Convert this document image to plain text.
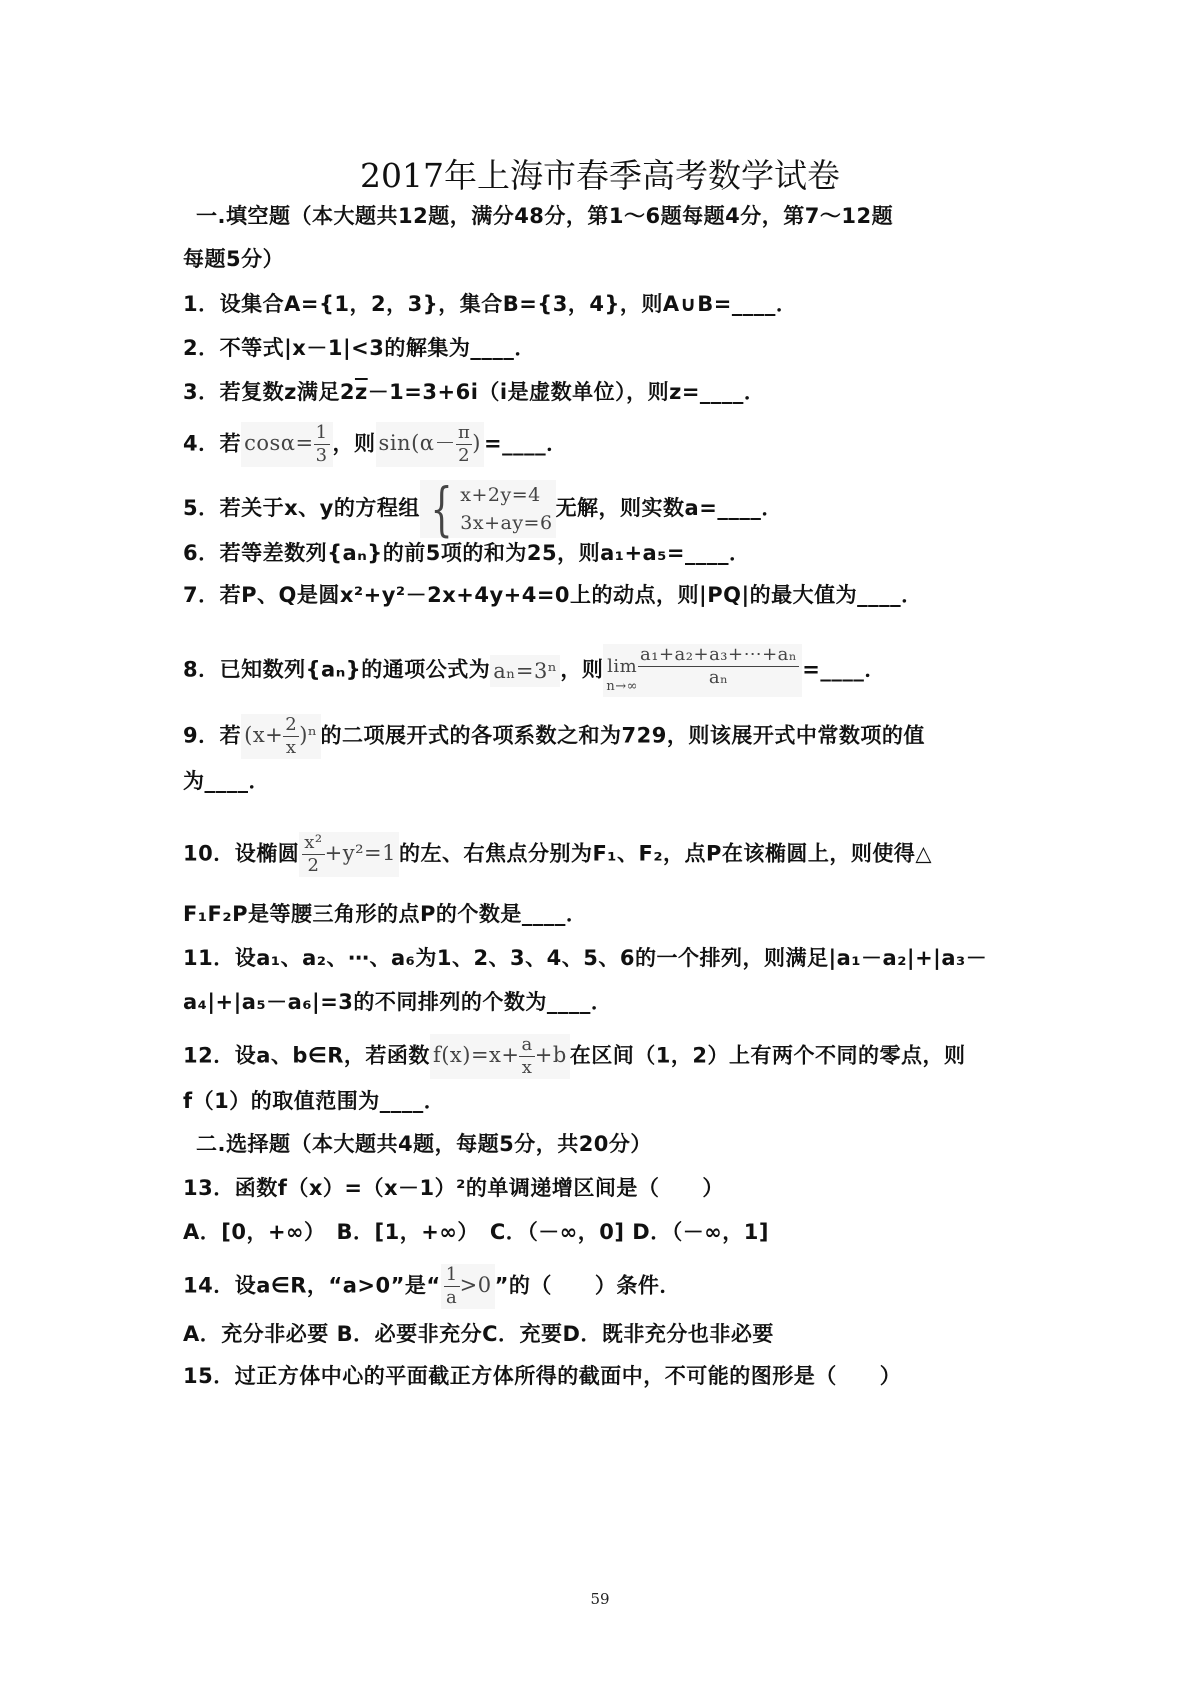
2017年上海市春季高考数学试卷
一.填空题（本大题共12题，满分48分，第1～6题每题4分，第7～12题
每题5分）
1．设集合A={1，2，3}，集合B={3，4}，则A∪B=____．
2．不等式|x－1|<3的解集为____．
3．若复数z满足$2\overline{z}-1=3+6i(i$是虚数单位），则z=____．
4．若 $\cos\alpha= \frac{1}{3}$ ，则 $\sin(\alpha- \frac{\pi}{2}$ ) =____．
5．若关于x、y的方程组 { x+2y=4
3x+ay=6
无解，则实数a=____．
6．若等差数列{aₙ}的前5项的和为25，则a₁+a₅=____．
7．若P、Q是圆x²+y²－2x+4y+4=0上的动点，则|PQ|的最大值为____．
8．已知数列{aₙ}的通项公式为 aₙ=3ⁿ ，则 lim
$n\to\infty \frac{\text{a₁+a₂+a₃+⋯+aₙ}}{\text{aₙ}}$ =____．
9．若 $(x+ \frac{2}{x} )^n$ 的二项展开式的各项系数之和为729，则该展开式中常数项的值
为____．
10．设椭圆 $\frac{\text{x²}}{2} +y^2=1$ 的左、右焦点分别为F₁、F₂，点P在该椭圆上，则使得△
F₁F₂P是等腰三角形的点P的个数是____．
11．设a₁、a₂、⋯、a₆为1、2、3、4、5、6的一个排列，则满足|a₁－a₂|+|a₃－
a₄|+|a₅－a₆|=3的不同排列的个数为____．
12．设a、b∈R，若函数 $f(x)=x+ \frac{a}{x} +b$ 在区间（1，2）上有两个不同的零点，则
f（1）的取值范围为____．
二.选择题（本大题共4题，每题5分，共20分）
13．函数f（x）=（x－1）²的单调递增区间是（　　）
A．[0，+∞）　B．[1，+∞）　C．（－∞，0] D．（－∞，1]
14．设a∈R，“a>0”是“ $\frac{1}{a} >0$ ”的（　　）条件．
A．充分非必要 B．必要非充分C．充要D．既非充分也非必要
15．过正方体中心的平面截正方体所得的截面中，不可能的图形是（　　）
59
